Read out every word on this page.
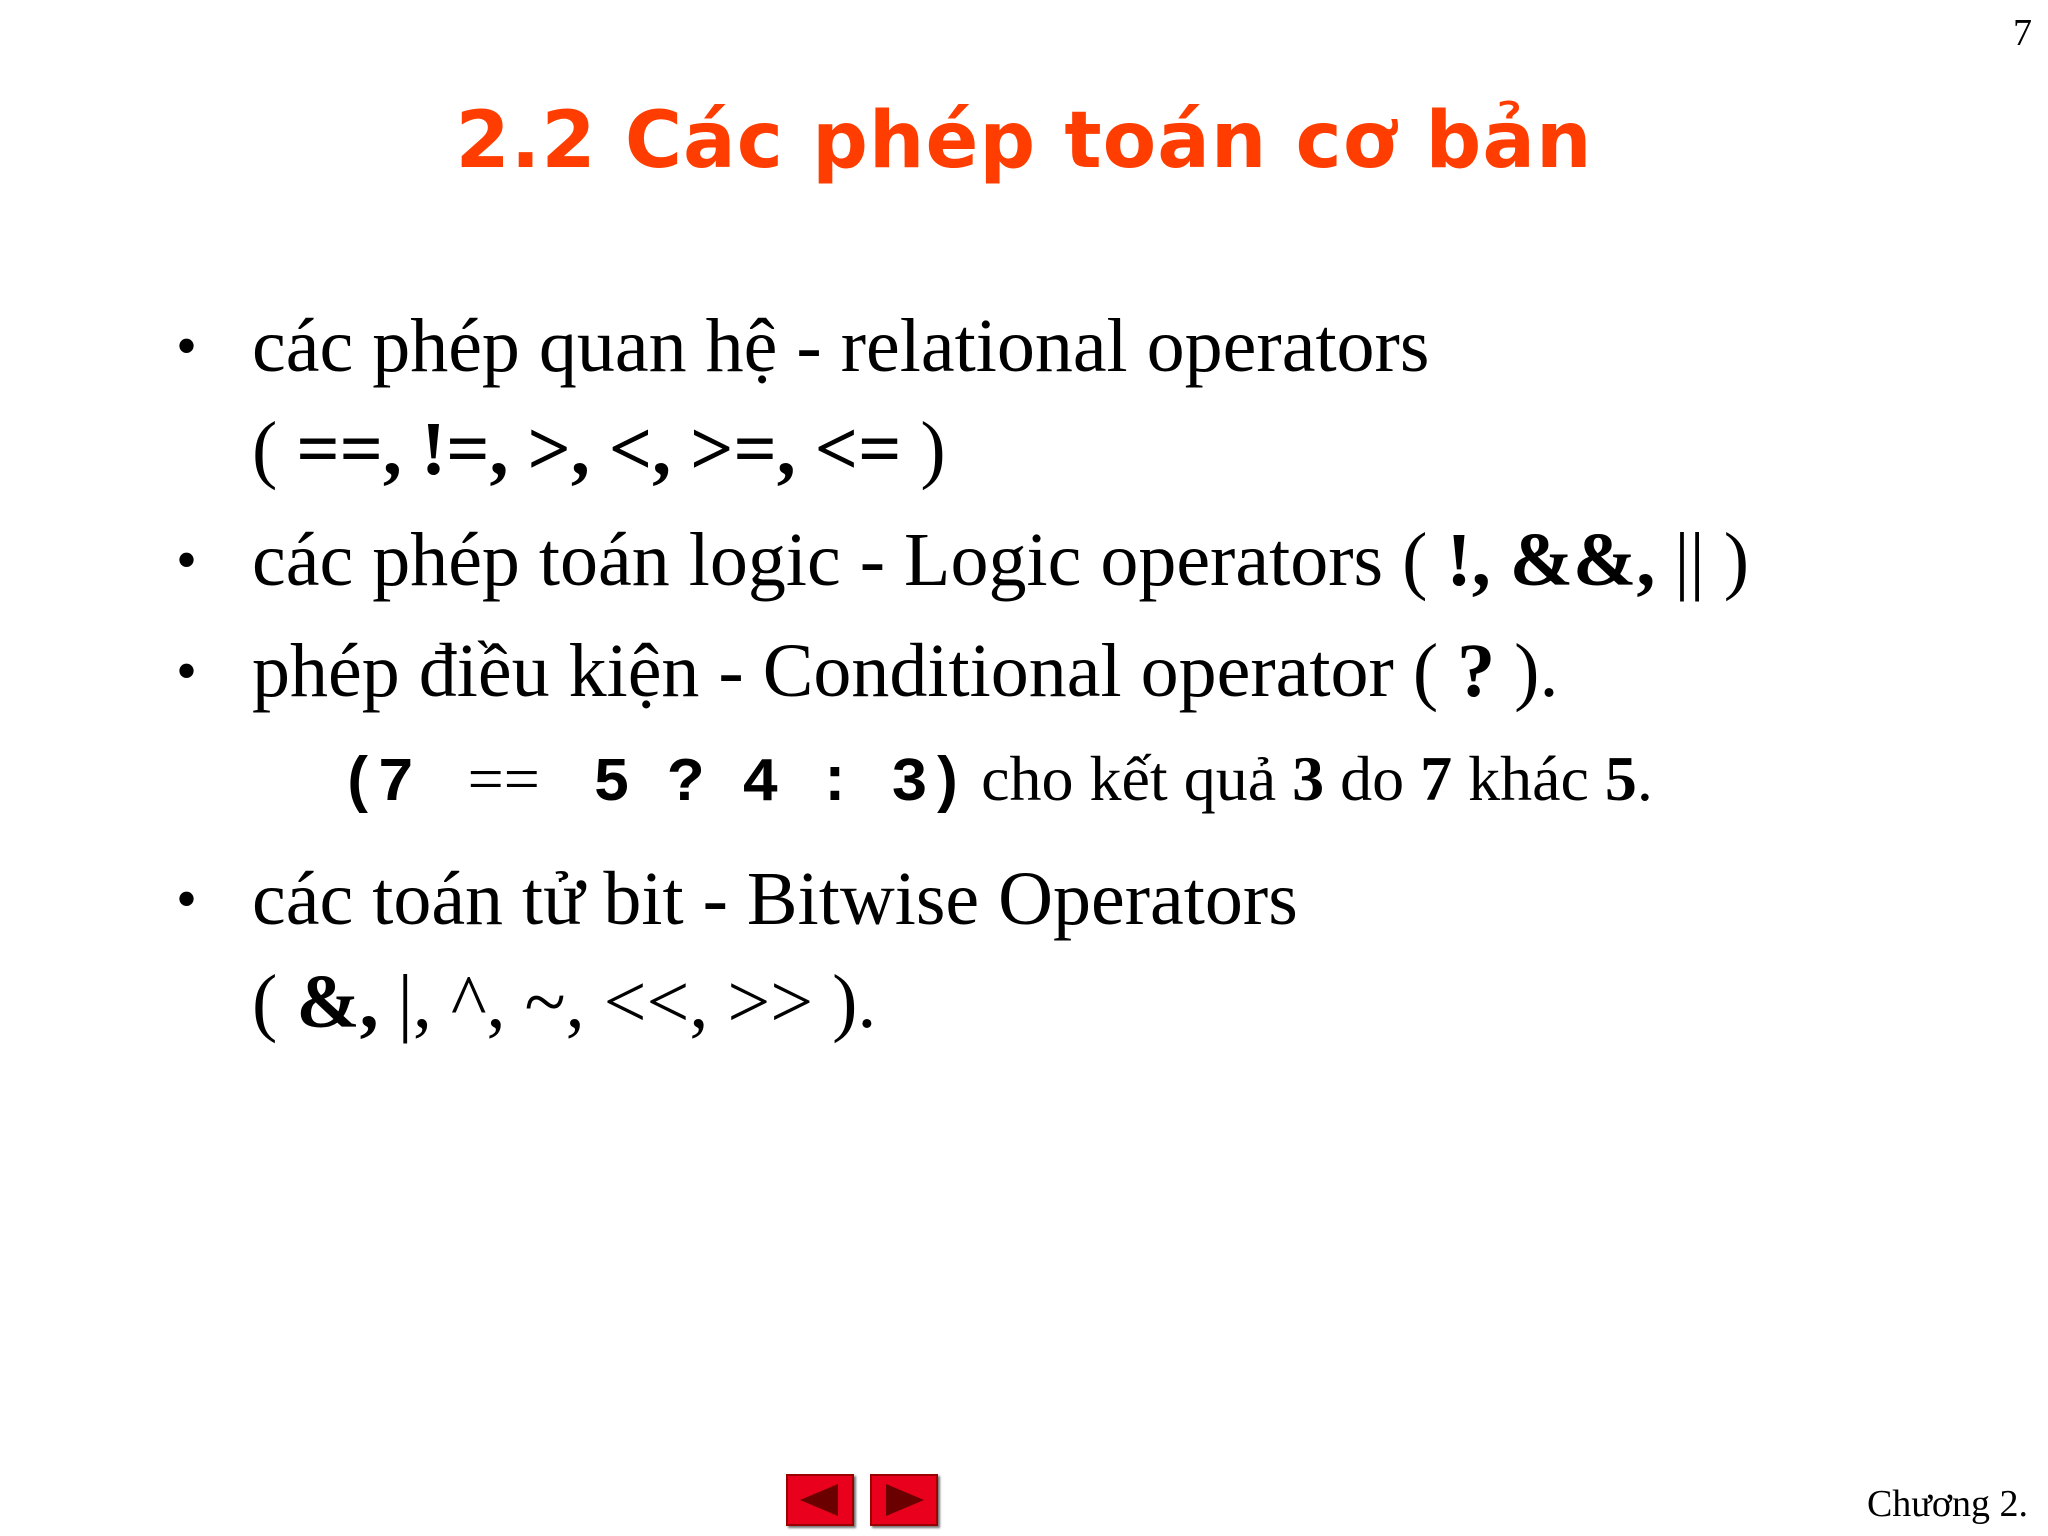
7
2.2 Các phép toán cơ bản
• các phép quan hệ - relational operators
( ==, !=, >, <, >=, <= )
• các phép toán logic - Logic operators ( !, &&, || )
• phép điều kiện - Conditional operator ( ? ).
(7  ==  5 ? 4 : 3) cho kết quả 3 do 7 khác 5.
• các toán tử bit - Bitwise Operators
( &, |, ^, ~, <<, >> ).
Chương 2.
